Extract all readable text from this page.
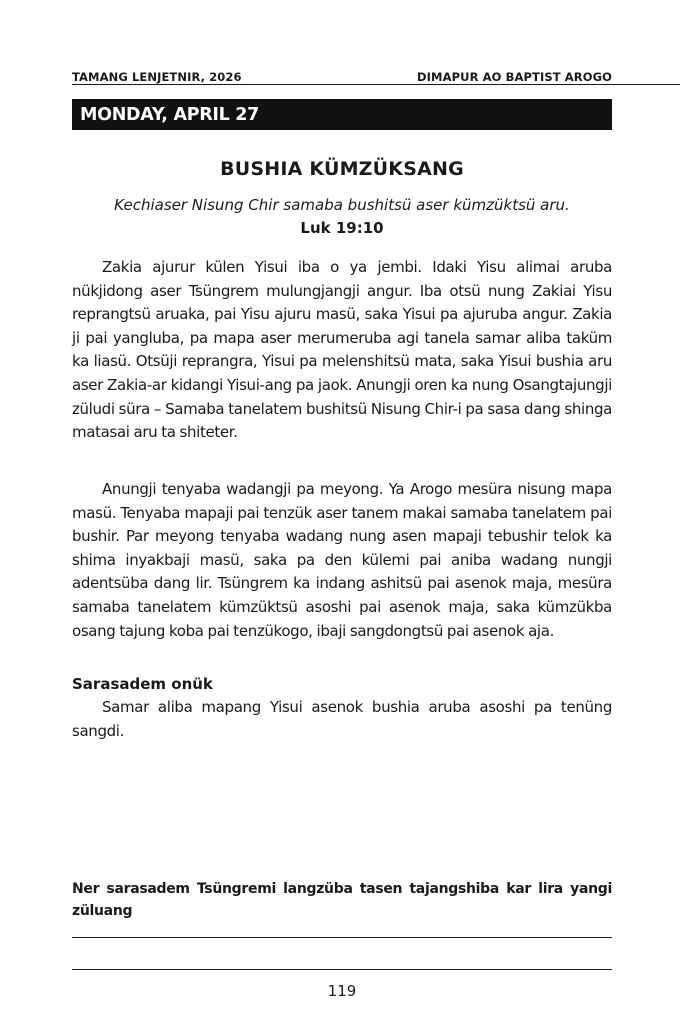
TAMANG LENJETNIR, 2026	DIMAPUR AO BAPTIST AROGO
MONDAY, APRIL 27
BUSHIA KÜMZÜKSANG
Kechiaser Nisung Chir samaba bushitsü aser kümzüktsü aru.
Luk 19:10

Zakia ajurur külen Yisui iba o ya jembi. Idaki Yisu alimai aruba nükjidong aser Tsüngrem mulungjangji angur. Iba otsü nung Zakiai Yisu reprangtsü aruaka, pai Yisu ajuru masü, saka Yisui pa ajuruba angur. Zakia ji pai yangluba, pa mapa aser merumeruba agi tanela samar aliba taküm ka liasü. Otsüji reprangra, Yisui pa melenshitsü mata, saka Yisui bushia aru aser Zakia-ar kidangi Yisui-ang pa jaok. Anungji oren ka nung Osangtajungji züludi süra – Samaba tanelatem bushitsü Nisung Chir-i pa sasa dang shinga matasai aru ta shiteter.

Anungji tenyaba wadangji pa meyong. Ya Arogo mesüra nisung mapa masü. Tenyaba mapaji pai tenzük aser tanem makai samaba tanelatem pai bushir. Par meyong tenyaba wadang nung asen mapaji tebushir telok ka shima inyakbaji masü, saka pa den külemi pai aniba wadang nungji adentsüba dang lir. Tsüngrem ka indang ashitsü pai asenok maja, mesüra samaba tanelatem kümzüktsü asoshi pai asenok maja, saka kümzükba osang tajung koba pai tenzükogo, ibaji sangdongtsü pai asenok aja.

Sarasadem onük

Samar aliba mapang Yisui asenok bushia aruba asoshi pa tenüng sangdi.

Ner sarasadem Tsüngremi langzüba tasen tajangshiba kar lira yangi züluang
119
